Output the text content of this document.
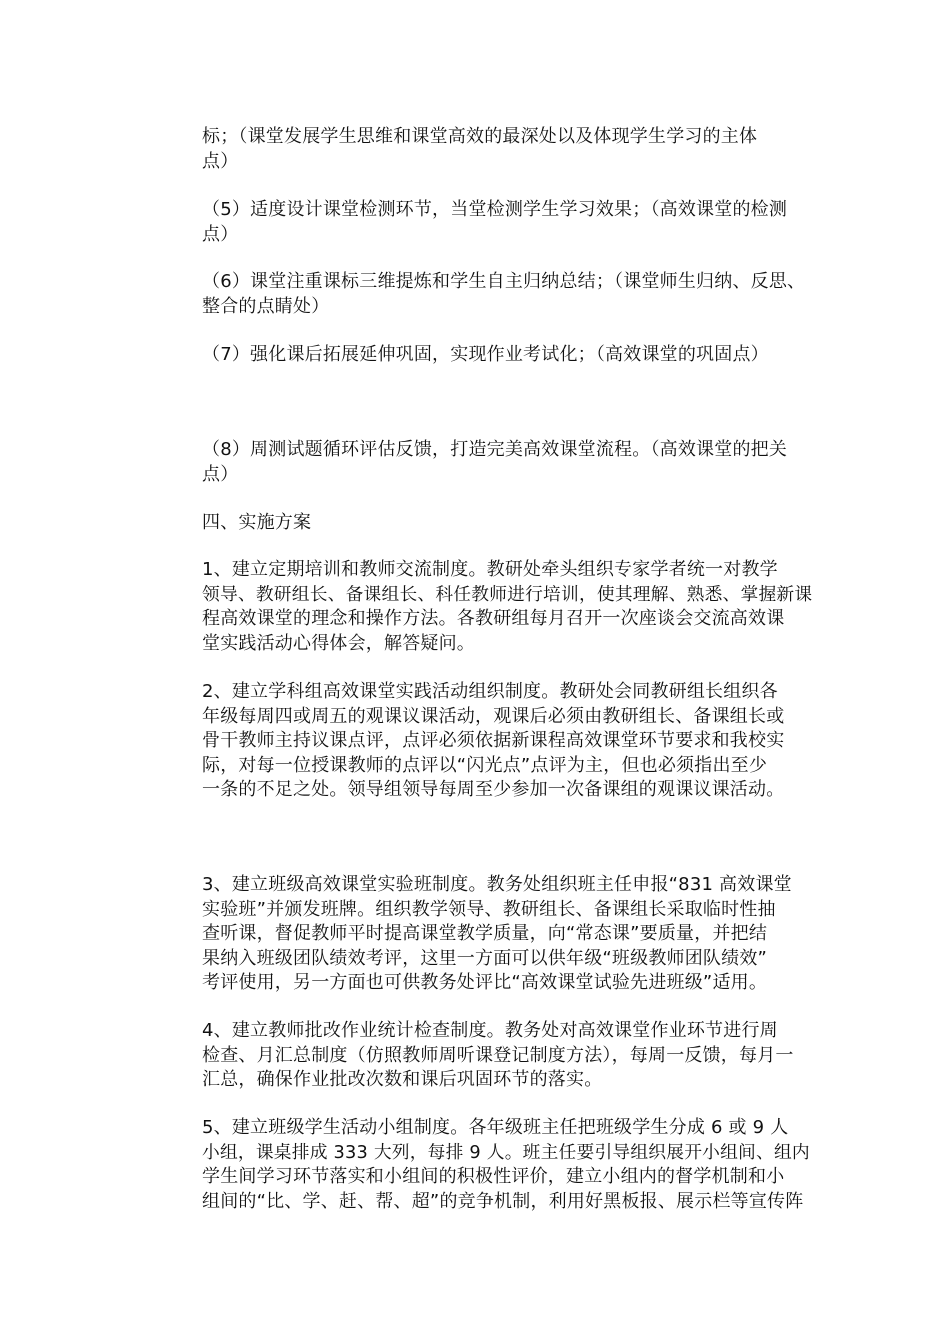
标；（课堂发展学生思维和课堂高效的最深处以及体现学生学习的主体
点）

（5）适度设计课堂检测环节，当堂检测学生学习效果；（高效课堂的检测
点）

（6）课堂注重课标三维提炼和学生自主归纳总结；（课堂师生归纳、反思、
整合的点睛处）

（7）强化课后拓展延伸巩固，实现作业考试化；（高效课堂的巩固点）

（8）周测试题循环评估反馈，打造完美高效课堂流程。（高效课堂的把关
点）

四、实施方案

1、建立定期培训和教师交流制度。教研处牵头组织专家学者统一对教学
领导、教研组长、备课组长、科任教师进行培训，使其理解、熟悉、掌握新课
程高效课堂的理念和操作方法。各教研组每月召开一次座谈会交流高效课
堂实践活动心得体会，解答疑问。

2、建立学科组高效课堂实践活动组织制度。教研处会同教研组长组织各
年级每周四或周五的观课议课活动，观课后必须由教研组长、备课组长或
骨干教师主持议课点评，点评必须依据新课程高效课堂环节要求和我校实
际，对每一位授课教师的点评以“闪光点”点评为主，但也必须指出至少
一条的不足之处。领导组领导每周至少参加一次备课组的观课议课活动。

3、建立班级高效课堂实验班制度。教务处组织班主任申报“831 高效课堂
实验班”并颁发班牌。组织教学领导、教研组长、备课组长采取临时性抽
查听课，督促教师平时提高课堂教学质量，向“常态课”要质量，并把结
果纳入班级团队绩效考评，这里一方面可以供年级“班级教师团队绩效”
考评使用，另一方面也可供教务处评比“高效课堂试验先进班级”适用。

4、建立教师批改作业统计检查制度。教务处对高效课堂作业环节进行周
检查、月汇总制度（仿照教师周听课登记制度方法），每周一反馈，每月一
汇总，确保作业批改次数和课后巩固环节的落实。

5、建立班级学生活动小组制度。各年级班主任把班级学生分成 6 或 9 人
小组，课桌排成 333 大列，每排 9 人。班主任要引导组织展开小组间、组内
学生间学习环节落实和小组间的积极性评价，建立小组内的督学机制和小
组间的“比、学、赶、帮、超”的竞争机制，利用好黑板报、展示栏等宣传阵
